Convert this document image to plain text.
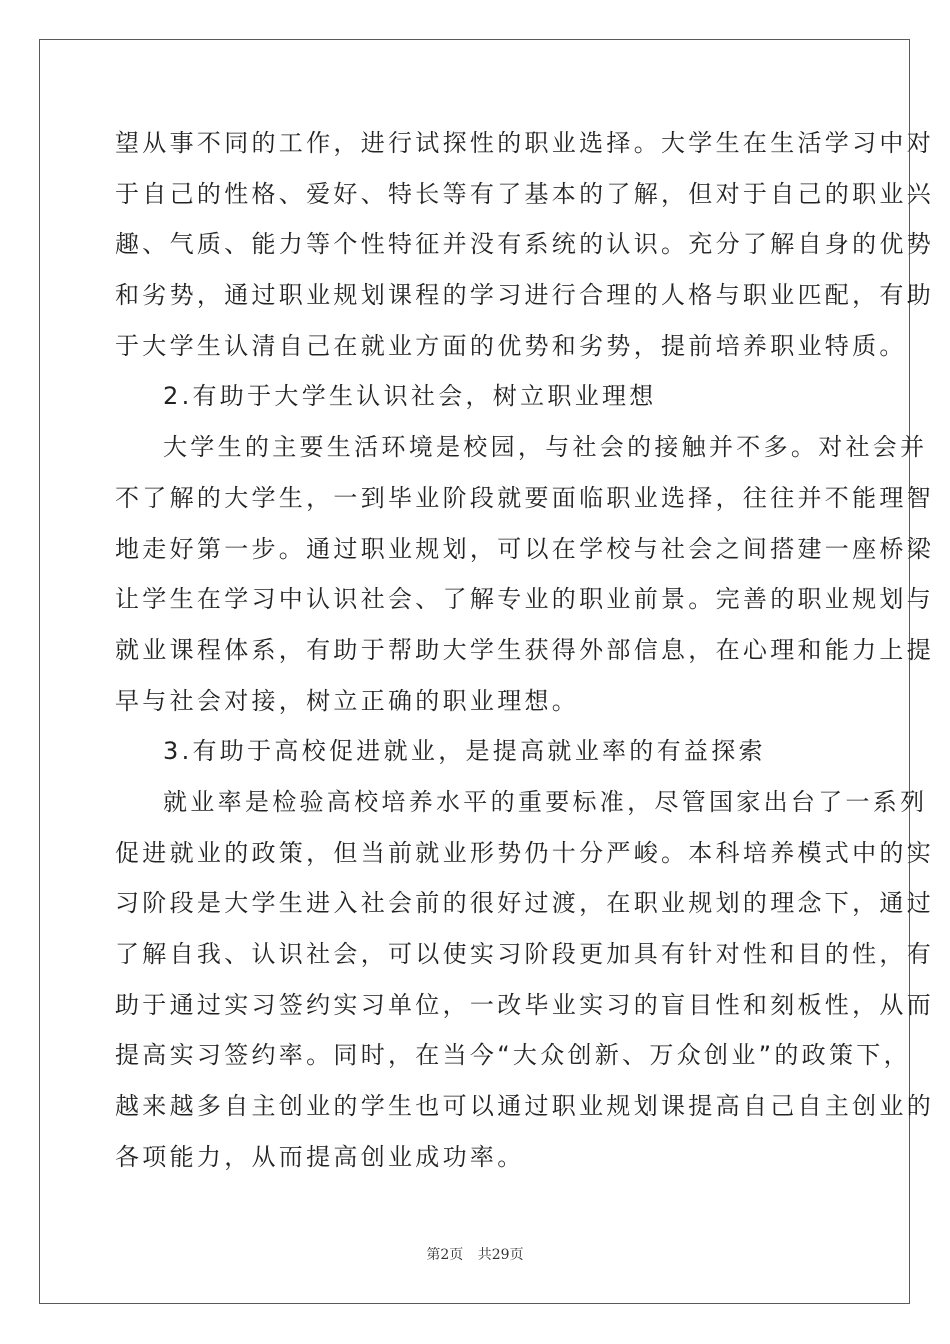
望从事不同的工作，进行试探性的职业选择。大学生在生活学习中对

于自己的性格、爱好、特长等有了基本的了解，但对于自己的职业兴

趣、气质、能力等个性特征并没有系统的认识。充分了解自身的优势

和劣势，通过职业规划课程的学习进行合理的人格与职业匹配，有助

于大学生认清自己在就业方面的优势和劣势，提前培养职业特质。

2.有助于大学生认识社会，树立职业理想

大学生的主要生活环境是校园，与社会的接触并不多。对社会并

不了解的大学生，一到毕业阶段就要面临职业选择，往往并不能理智

地走好第一步。通过职业规划，可以在学校与社会之间搭建一座桥梁

让学生在学习中认识社会、了解专业的职业前景。完善的职业规划与

就业课程体系，有助于帮助大学生获得外部信息，在心理和能力上提

早与社会对接，树立正确的职业理想。

3.有助于高校促进就业，是提高就业率的有益探索

就业率是检验高校培养水平的重要标准，尽管国家出台了一系列

促进就业的政策，但当前就业形势仍十分严峻。本科培养模式中的实

习阶段是大学生进入社会前的很好过渡，在职业规划的理念下，通过

了解自我、认识社会，可以使实习阶段更加具有针对性和目的性，有

助于通过实习签约实习单位，一改毕业实习的盲目性和刻板性，从而

提高实习签约率。同时，在当今“大众创新、万众创业”的政策下，

越来越多自主创业的学生也可以通过职业规划课提高自己自主创业的

各项能力，从而提高创业成功率。

第2页 共29页
